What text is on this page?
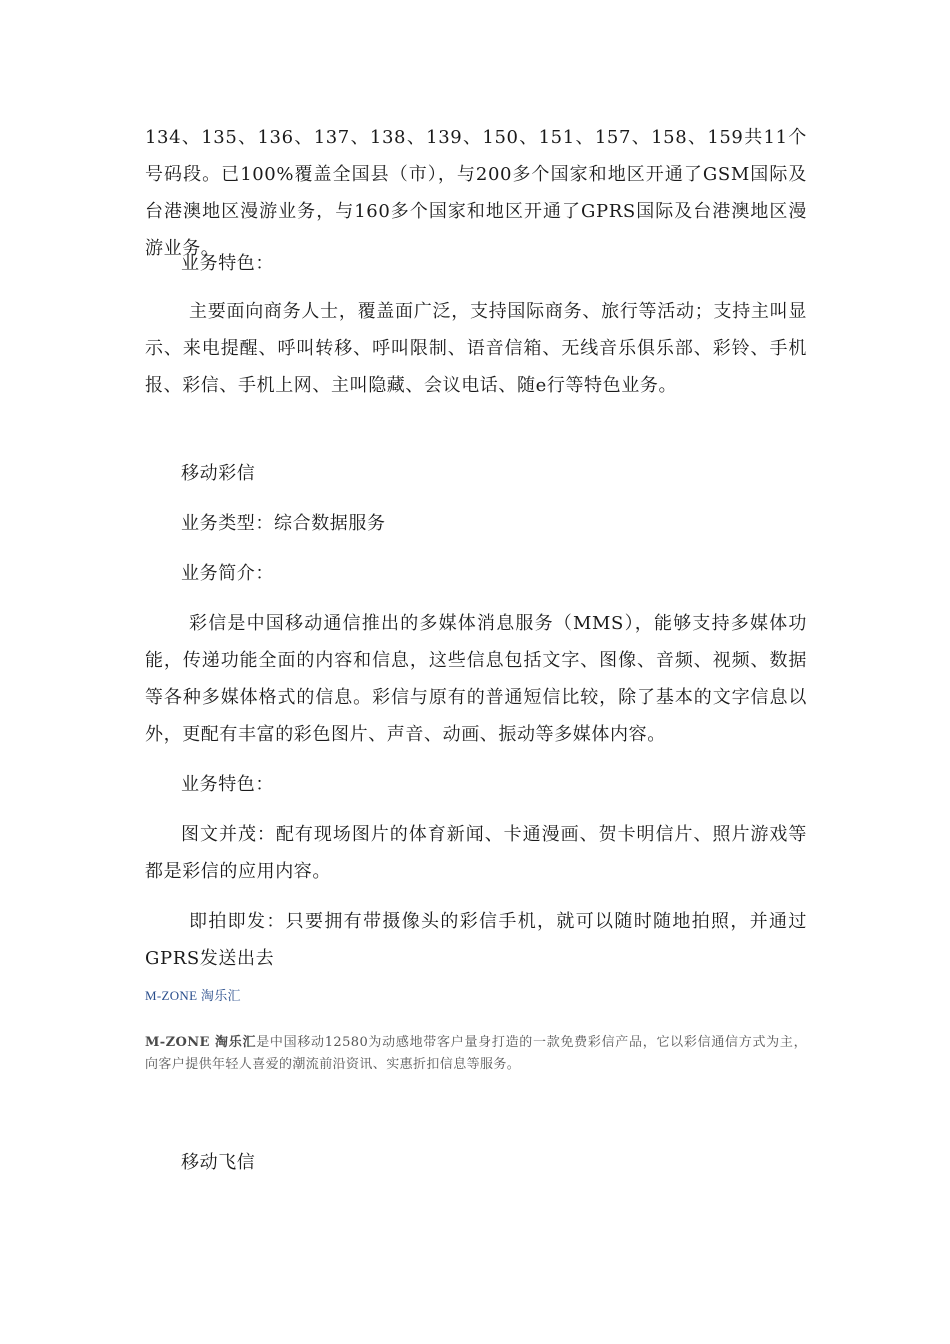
134、135、136、137、138、139、150、151、157、158、159共11个号码段。已100%覆盖全国县（市），与200多个国家和地区开通了GSM国际及台港澳地区漫游业务，与160多个国家和地区开通了GPRS国际及台港澳地区漫游业务。

业务特色：

主要面向商务人士，覆盖面广泛，支持国际商务、旅行等活动；支持主叫显示、来电提醒、呼叫转移、呼叫限制、语音信箱、无线音乐俱乐部、彩铃、手机报、彩信、手机上网、主叫隐藏、会议电话、随e行等特色业务。

移动彩信

业务类型：综合数据服务

业务简介：

彩信是中国移动通信推出的多媒体消息服务（MMS），能够支持多媒体功能，传递功能全面的内容和信息，这些信息包括文字、图像、音频、视频、数据等各种多媒体格式的信息。彩信与原有的普通短信比较，除了基本的文字信息以外，更配有丰富的彩色图片、声音、动画、振动等多媒体内容。

业务特色：

图文并茂：配有现场图片的体育新闻、卡通漫画、贺卡明信片、照片游戏等都是彩信的应用内容。

即拍即发：只要拥有带摄像头的彩信手机，就可以随时随地拍照，并通过GPRS发送出去

M-ZONE 淘乐汇

M-ZONE 淘乐汇是中国移动12580为动感地带客户量身打造的一款免费彩信产品，它以彩信通信方式为主，向客户提供年轻人喜爱的潮流前沿资讯、实惠折扣信息等服务。

移动飞信
